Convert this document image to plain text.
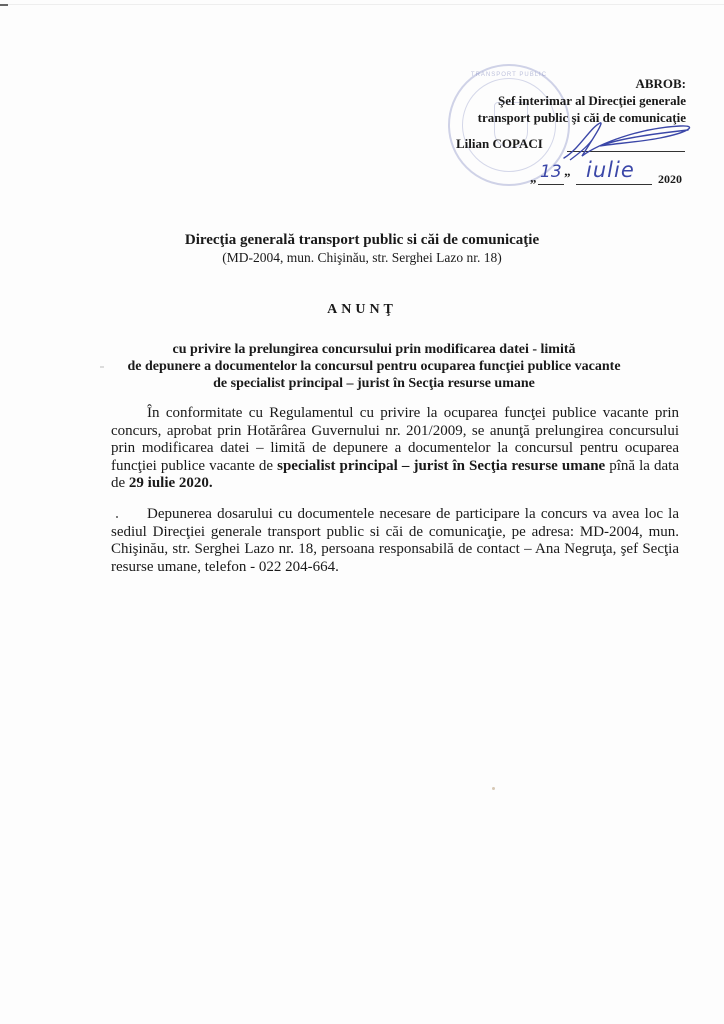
TRANSPORT PUBLIC
ABROB:
Şef interimar al Direcţiei generale
transport public şi căi de comunicaţie
Lilian COPACI
„ 13 ” iulie 2020
Direcţia generală transport public si căi de comunicaţie
(MD-2004, mun. Chişinău, str. Serghei Lazo nr. 18)
ANUNŢ
cu privire la prelungirea concursului prin modificarea datei - limită
de depunere a documentelor la concursul pentru ocuparea funcţiei publice vacante
de specialist principal – jurist în Secţia resurse umane
În conformitate cu Regulamentul cu privire la ocuparea funcţei publice vacante prin concurs, aprobat prin Hotărârea Guvernului nr. 201/2009, se anunţă prelungirea concursului prin modificarea datei – limită de depunere a documentelor la concursul pentru ocuparea funcţiei publice vacante de specialist principal – jurist în Secţia resurse umane pînă la data de 29 iulie 2020.
Depunerea dosarului cu documentele necesare de participare la concurs va avea loc la sediul Direcţiei generale transport public si căi de comunicaţie, pe adresa: MD-2004, mun. Chişinău, str. Serghei Lazo nr. 18, persoana responsabilă de contact – Ana Negruţa, şef Secţia resurse umane, telefon - 022 204-664.
